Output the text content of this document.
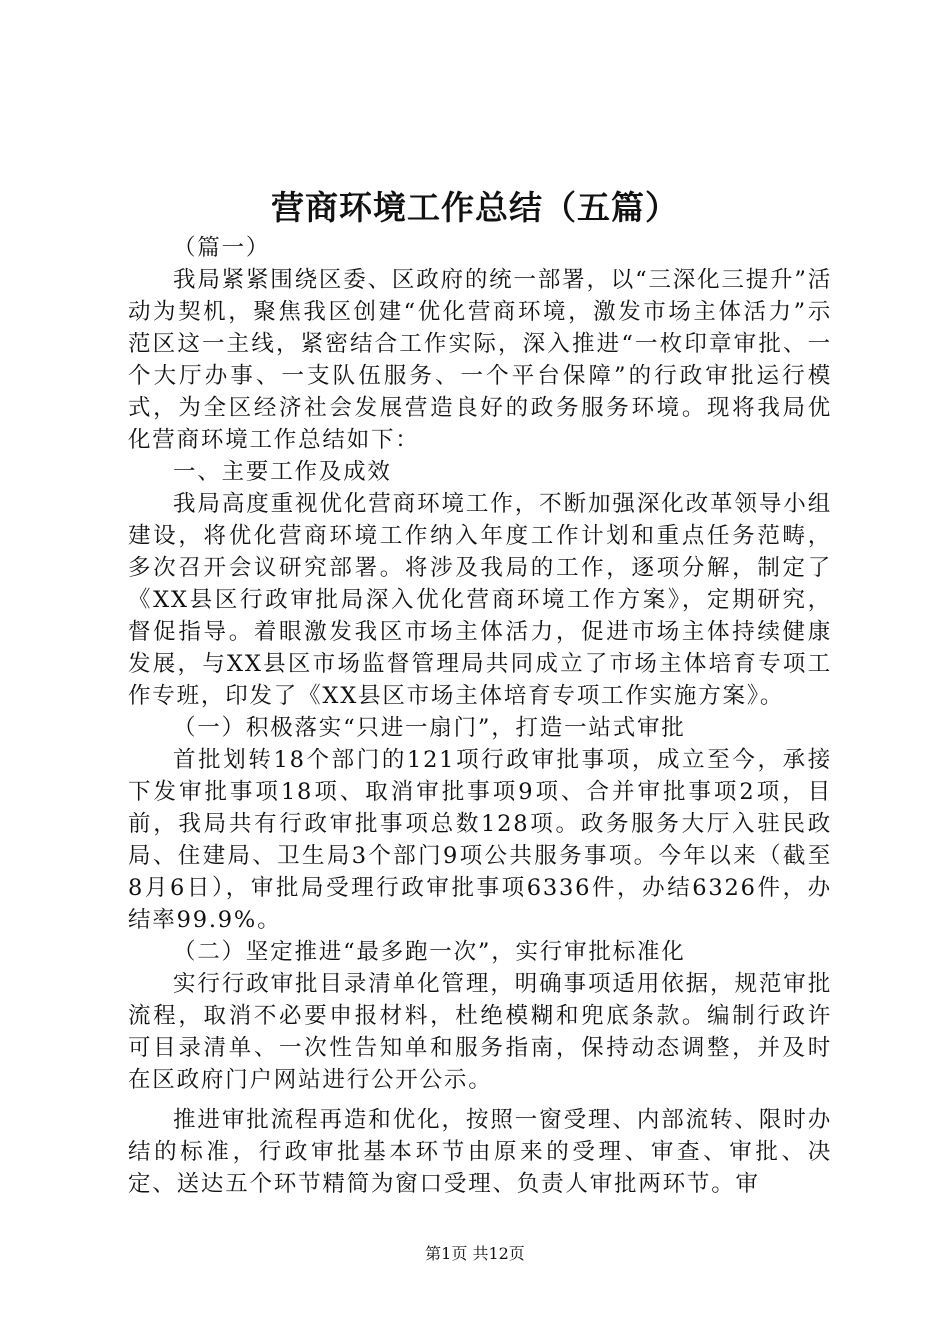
营商环境工作总结（五篇）

（篇一）

我局紧紧围绕区委、区政府的统一部署，以“三深化三提升”活动为契机，聚焦我区创建“优化营商环境，激发市场主体活力”示范区这一主线，紧密结合工作实际，深入推进“一枚印章审批、一个大厅办事、一支队伍服务、一个平台保障”的行政审批运行模式，为全区经济社会发展营造良好的政务服务环境。现将我局优化营商环境工作总结如下：

一、主要工作及成效

我局高度重视优化营商环境工作，不断加强深化改革领导小组建设，将优化营商环境工作纳入年度工作计划和重点任务范畴，多次召开会议研究部署。将涉及我局的工作，逐项分解，制定了《XX县区行政审批局深入优化营商环境工作方案》，定期研究，督促指导。着眼激发我区市场主体活力，促进市场主体持续健康发展，与XX县区市场监督管理局共同成立了市场主体培育专项工作专班，印发了《XX县区市场主体培育专项工作实施方案》。

（一）积极落实“只进一扇门”，打造一站式审批

首批划转18个部门的121项行政审批事项，成立至今，承接下发审批事项18项、取消审批事项9项、合并审批事项2项，目前，我局共有行政审批事项总数128项。政务服务大厅入驻民政局、住建局、卫生局3个部门9项公共服务事项。今年以来（截至8月6日），审批局受理行政审批事项6336件，办结6326件，办结率99.9%。

（二）坚定推进“最多跑一次”，实行审批标准化

实行行政审批目录清单化管理，明确事项适用依据，规范审批流程，取消不必要申报材料，杜绝模糊和兜底条款。编制行政许可目录清单、一次性告知单和服务指南，保持动态调整，并及时在区政府门户网站进行公开公示。

推进审批流程再造和优化，按照一窗受理、内部流转、限时办结的标准，行政审批基本环节由原来的受理、审查、审批、决定、送达五个环节精简为窗口受理、负责人审批两环节。审

第1页 共12页
